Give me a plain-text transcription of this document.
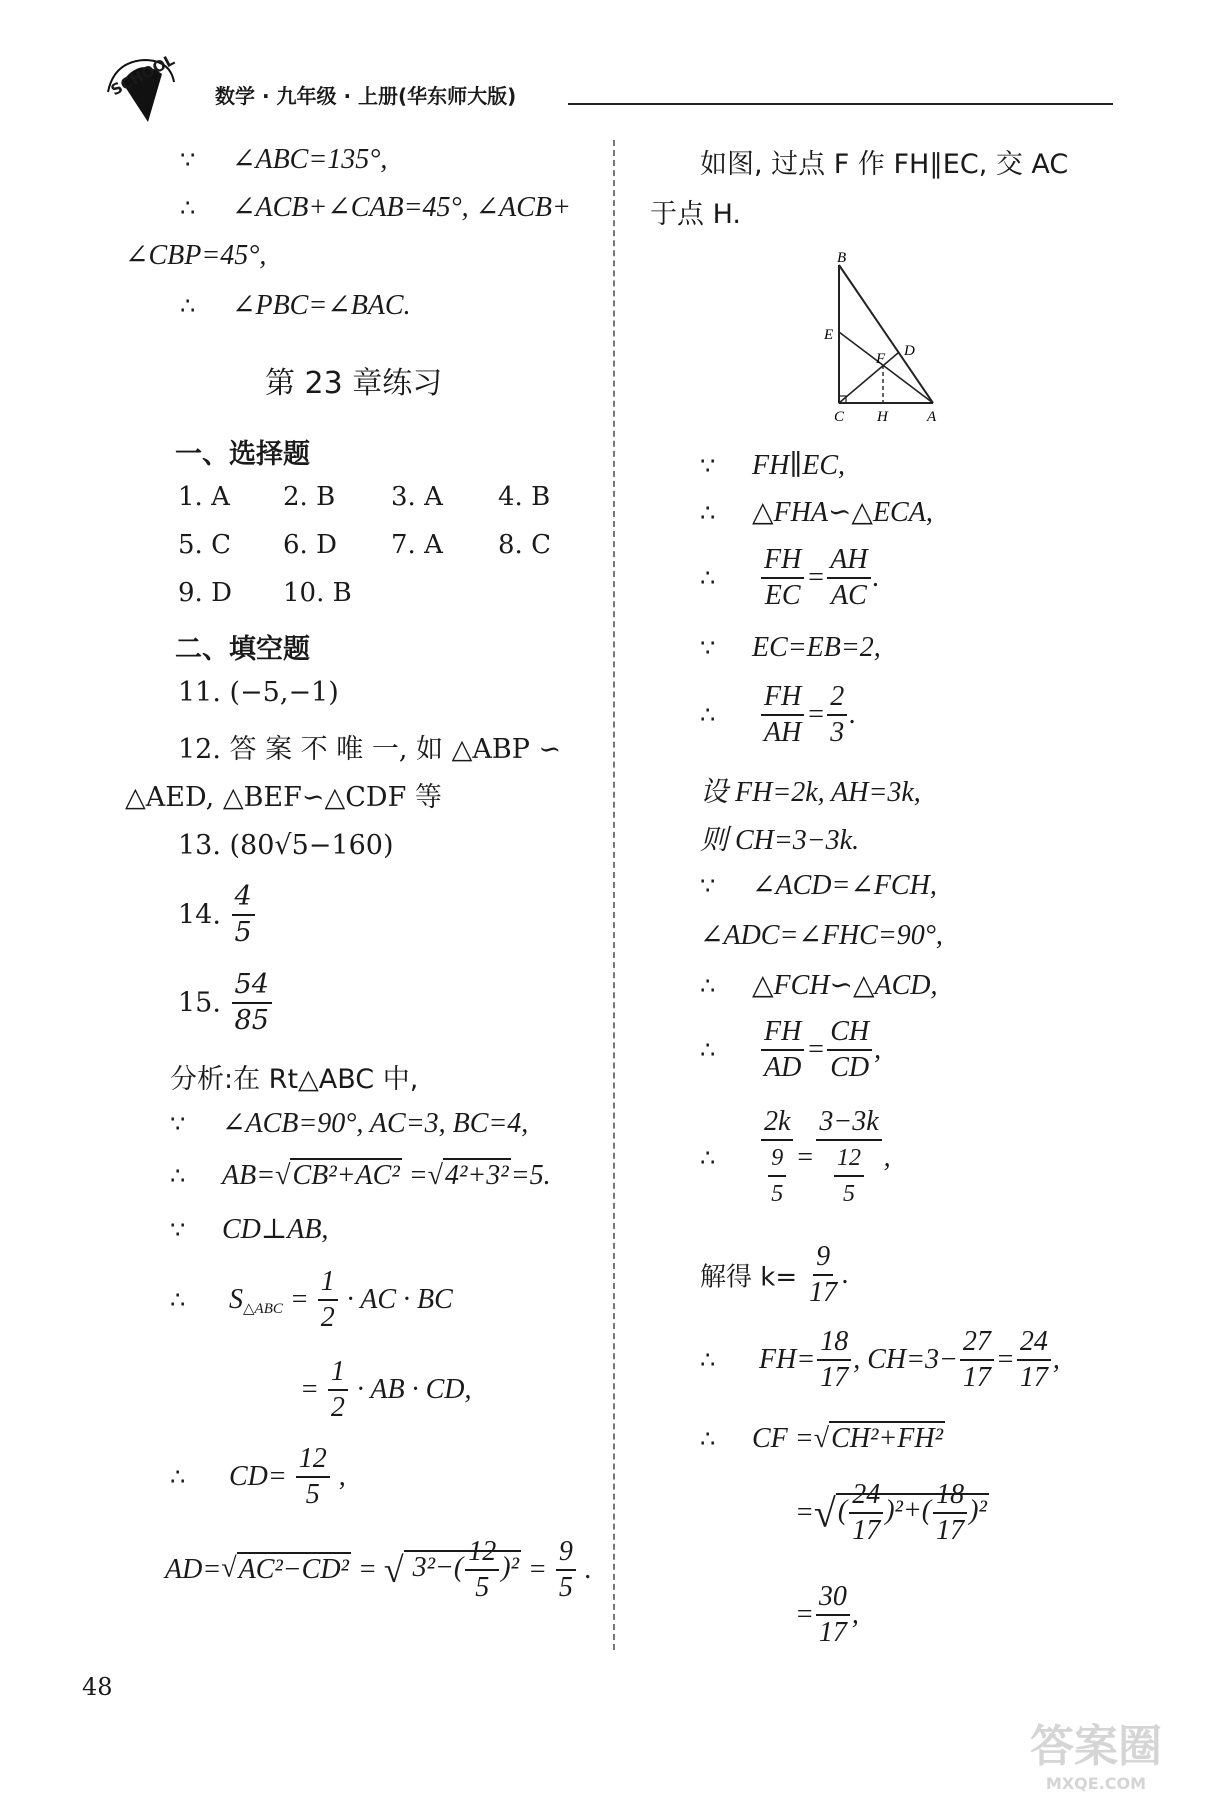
SCHOOL 数学 · 九年级 · 上册(华东师大版)
∵ ∠ABC=135°,
∴ ∠ACB+∠CAB=45°, ∠ACB+
∠CBP=45°,
∴ ∠PBC=∠BAC.
第 23 章练习
一、选择题
1. A 2. B 3. A 4. B
5. C 6. D 7. A 8. C
9. D 10. B
二、填空题
11. (−5,−1)
12. 答 案 不 唯 一, 如 △ABP ∽
△AED, △BEF∽△CDF 等
13. (80√5−160)
14. $\frac{4}{5}$
15. $\frac{54}{85}$
分析:在 Rt△ABC 中,
∵ ∠ACB=90°, AC=3, BC=4,
∴ AB=√CB²+AC² =√4²+3²=5.
∵ CD⊥AB,
∴ $S_{\triangle ABC} = \frac{1}{2}$ · AC · BC
= $\frac{1}{2}$ · AB · CD,
∴ $CD= \frac{12}{5}$ ,
AD=√AC²−CD² = √ $3^2-( \frac{12}{5} )^2 = \frac{9}{5}$ .
如图, 过点 F 作 FH∥EC, 交 AC
于点 H.
B
E
F D
C H	A
∵ FH∥EC,
∴ △FHA∽△ECA,
∴ $\frac{FH}{EC} = \frac{AH}{AC}$ .
∵ EC=EB=2,
∴ $\frac{FH}{AH} = \frac{2}{3}$ .
设 FH=2k, AH=3k,
则 CH=3−3k.
∵ ∠ACD=∠FCH,
∠ADC=∠FHC=90°,
∴ △FCH∽△ACD,
∴ $\frac{FH}{AD} = \frac{CH}{CD}$ ,
∴ $\frac{2k}{\frac{9}{5}} = \frac{3-3k}{\frac{12}{5}}$ ,
解得 $k= \frac{9}{17}$ .
∴ $FH= \frac{18}{17}$ , $CH=3- \frac{27}{17} = \frac{24}{17}$ ,
∴ CF =√CH²+FH²
=√( $\frac{24}{17} )^2+( \frac{18}{17} )^2$
= $\frac{30}{17}$ ,
48
答案圈
MXQE.COM
